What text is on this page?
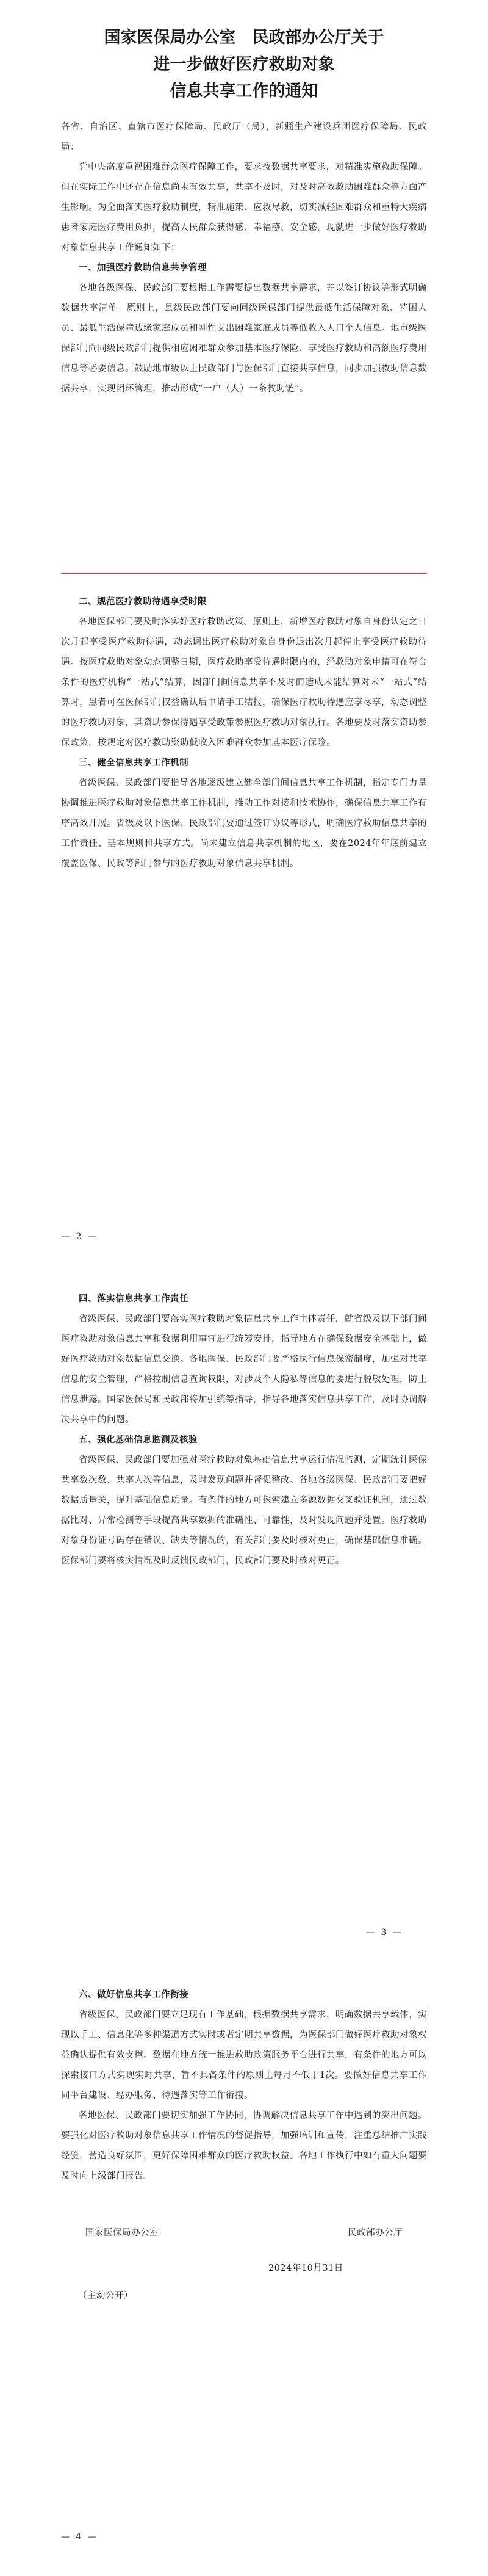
国家医保局办公室　民政部办公厅关于
进一步做好医疗救助对象
信息共享工作的通知

各省、自治区、直辖市医疗保障局、民政厅（局），新疆生产建设兵团医疗保障局、民政局：

党中央高度重视困难群众医疗保障工作，要求按数据共享要求，对精准实施救助保障。但在实际工作中还存在信息尚未有效共享，共享不及时，对及时高效救助困难群众等方面产生影响。为全面落实医疗救助制度，精准施策、应救尽救，切实减轻困难群众和重特大疾病患者家庭医疗费用负担，提高人民群众获得感、幸福感、安全感，现就进一步做好医疗救助对象信息共享工作通知如下：

一、加强医疗救助信息共享管理

各地各级医保、民政部门要根据工作需要提出数据共享需求，并以签订协议等形式明确数据共享清单。原则上，县级民政部门要向同级医保部门提供最低生活保障对象、特困人员、最低生活保障边缘家庭成员和刚性支出困难家庭成员等低收入人口个人信息。地市级医保部门向同级民政部门提供相应困难群众参加基本医疗保险、享受医疗救助和高额医疗费用信息等必要信息。鼓励地市级以上民政部门与医保部门直接共享信息，同步加强救助信息数据共享，实现闭环管理，推动形成“一户（人）一条救助链”。

二、规范医疗救助待遇享受时限

各地医保部门要及时落实好医疗救助政策。原则上，新增医疗救助对象自身份认定之日次月起享受医疗救助待遇，动态调出医疗救助对象自身份退出次月起停止享受医疗救助待遇。按医疗救助对象动态调整日期，医疗救助享受待遇时限内的，经救助对象申请可在符合条件的医疗机构“一站式”结算，因部门间信息共享不及时而造成未能结算对未“一站式”结算时，患者可在医保部门权益确认后申请手工结报，确保医疗救助待遇应享尽享，动态调整的医疗救助对象，其资助参保待遇享受政策参照医疗救助对象执行。各地要及时落实资助参保政策，按规定对医疗救助资助低收入困难群众参加基本医疗保险。

三、健全信息共享工作机制

省级医保、民政部门要指导各地逐级建立健全部门间信息共享工作机制，指定专门力量协调推进医疗救助对象信息共享工作机制，推动工作对接和技术协作，确保信息共享工作有序高效开展。省级及以下医保、民政部门要通过签订协议等形式，明确医疗救助信息共享的工作责任、基本规则和共享方式。尚未建立信息共享机制的地区，要在2024年年底前建立覆盖医保、民政等部门参与的医疗救助对象信息共享机制。

— 2 —

四、落实信息共享工作责任

省级医保、民政部门要落实医疗救助对象信息共享工作主体责任，就省级及以下部门间医疗救助对象信息共享和数据利用事宜进行统筹安排，指导地方在确保数据安全基础上，做好医疗救助对象数据信息交换。各地医保、民政部门要严格执行信息保密制度，加强对共享信息的安全管理，严格控制信息查询权限，对涉及个人隐私等信息的要进行脱敏处理，防止信息泄露。国家医保局和民政部将加强统筹指导，指导各地落实信息共享工作，及时协调解决共享中的问题。

五、强化基础信息监测及核验

省级医保、民政部门要加强对医疗救助对象基础信息共享运行情况监测，定期统计医保共享数次数、共享人次等信息，及时发现问题并督促整改。各地各级医保、民政部门要把好数据质量关，提升基础信息质量。有条件的地方可探索建立多源数据交叉验证机制，通过数据比对、异常检测等手段提高共享数据的准确性、可靠性，及时发现问题并处置。医疗救助对象身份证号码存在错误、缺失等情况的，有关部门要及时核对更正，确保基础信息准确。医保部门要将核实情况及时反馈民政部门，民政部门要及时核对更正。

— 3 —

六、做好信息共享工作衔接

省级医保、民政部门要立足现有工作基础，根据数据共享需求，明确数据共享载体，实现以手工、信息化等多种渠道方式实时或者定期共享数据，为医保部门做好医疗救助对象权益确认提供有效支撑。数据在地方统一推进救助政策服务平台进行共享，有条件的地方可以探索接口方式实现实时共享，暂不具备条件的原则上每月不低于1次。要做好信息共享工作同平台建设、经办服务、待遇落实等工作衔接。

各地医保、民政部门要切实加强工作协同，协调解决信息共享工作中遇到的突出问题。要强化对医疗救助对象信息共享工作情况的督促指导，加强培训和宣传，注重总结推广实践经验，营造良好氛围，更好保障困难群众的医疗救助权益。各地工作执行中如有重大问题要及时向上级部门报告。

国家医保局办公室	民政部办公厅
2024年10月31日
（主动公开）
— 4 —
